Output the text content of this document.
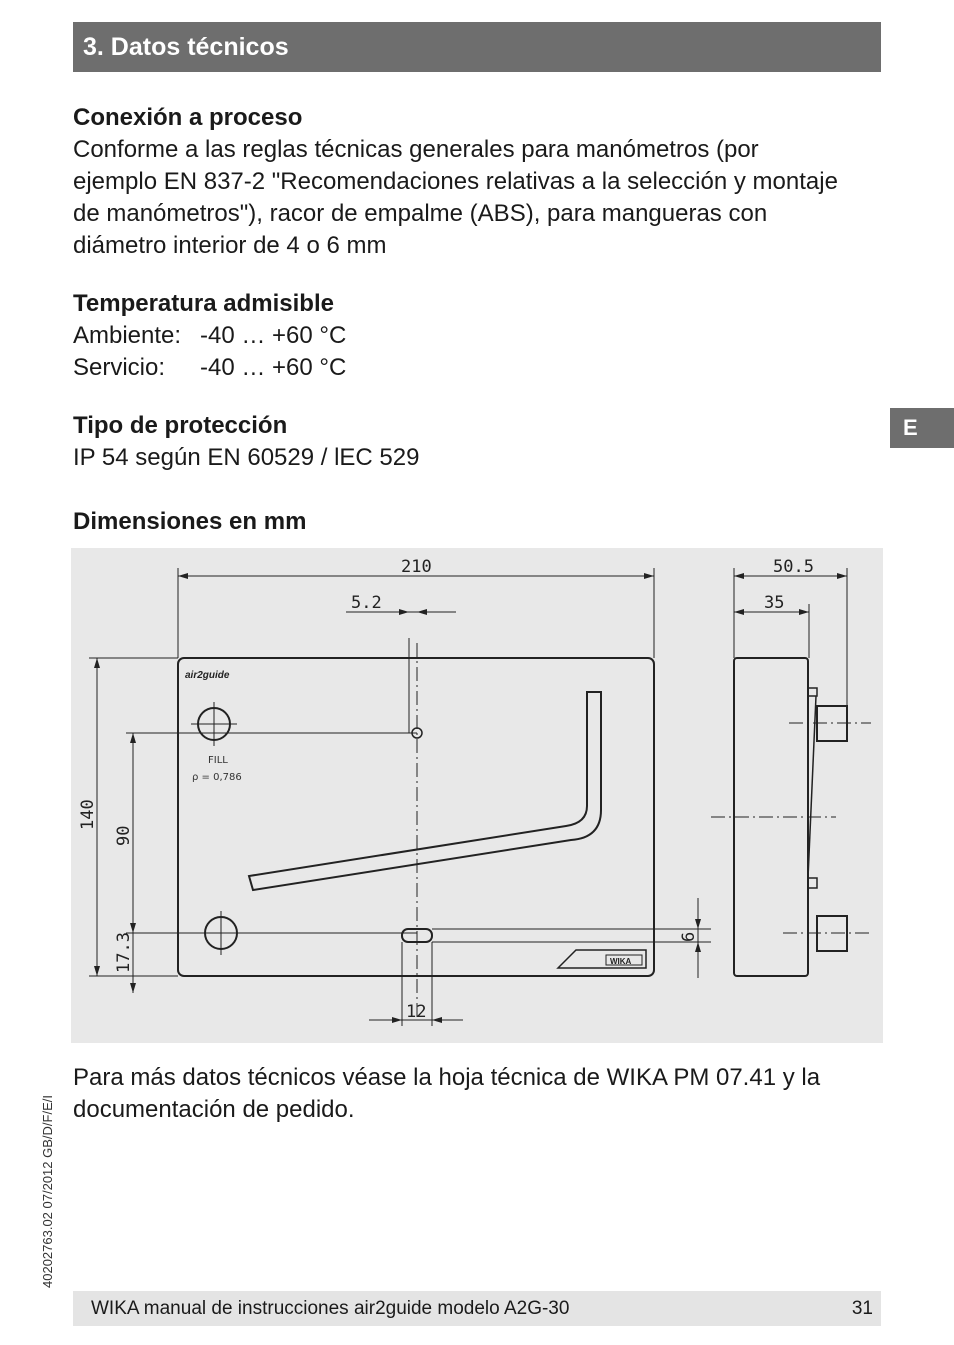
3. Datos técnicos
E
Conexión a proceso

Conforme a las reglas técnicas generales para manómetros (por

ejemplo EN 837-2 "Recomendaciones relativas a la selección y montaje

de manómetros"), racor de empalme (ABS), para mangueras con

diámetro interior de 4 o 6 mm

Temperatura admisible
Ambiente: -40 … +60 °C
Servicio:	-40 … +60 °C
Tipo de protección

IP 54 según EN 60529 / lEC 529

Dimensiones en mm
210
5.2
50.5
35
140
90
17.3	6
12
air2guide
FILL
ρ = 0,786
WIKA
Para más datos técnicos véase la hoja técnica de WIKA PM 07.41 y la
documentación de pedido.
40202763.02 07/2012 GB/D/F/E/I
WIKA manual de instrucciones air2guide modelo A2G-30	31
